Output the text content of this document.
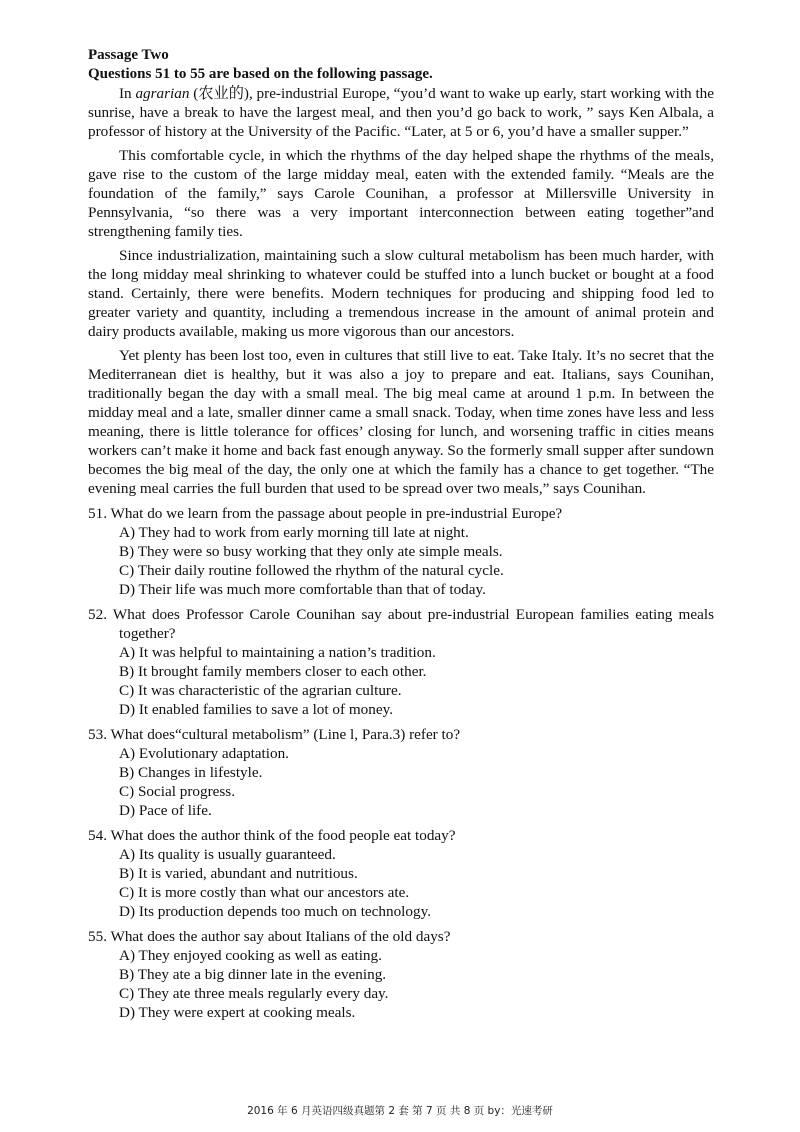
Passage Two
Questions 51 to 55 are based on the following passage.

In agrarian (农业的), pre-industrial Europe, “you’d want to wake up early, start working with the sunrise, have a break to have the largest meal, and then you’d go back to work, ” says Ken Albala, a professor of history at the University of the Pacific. “Later, at 5 or 6, you’d have a smaller supper.”

This comfortable cycle, in which the rhythms of the day helped shape the rhythms of the meals, gave rise to the custom of the large midday meal, eaten with the extended family. “Meals are the foundation of the family,” says Carole Counihan, a professor at Millersville University in Pennsylvania, “so there was a very important interconnection between eating together”and strengthening family ties.

Since industrialization, maintaining such a slow cultural metabolism has been much harder, with the long midday meal shrinking to whatever could be stuffed into a lunch bucket or bought at a food stand. Certainly, there were benefits. Modern techniques for producing and shipping food led to greater variety and quantity, including a tremendous increase in the amount of animal protein and dairy products available, making us more vigorous than our ancestors.

Yet plenty has been lost too, even in cultures that still live to eat. Take Italy. It’s no secret that the Mediterranean diet is healthy, but it was also a joy to prepare and eat. Italians, says Counihan, traditionally began the day with a small meal. The big meal came at around 1 p.m. In between the midday meal and a late, smaller dinner came a small snack. Today, when time zones have less and less meaning, there is little tolerance for offices’ closing for lunch, and worsening traffic in cities means workers can’t make it home and back fast enough anyway. So the formerly small supper after sundown becomes the big meal of the day, the only one at which the family has a chance to get together. “The evening meal carries the full burden that used to be spread over two meals,” says Counihan.

51. What do we learn from the passage about people in pre-industrial Europe?
A) They had to work from early morning till late at night.
B) They were so busy working that they only ate simple meals.
C) Their daily routine followed the rhythm of the natural cycle.
D) Their life was much more comfortable than that of today.
52. What does Professor Carole Counihan say about pre-industrial European families eating meals together?
A) It was helpful to maintaining a nation’s tradition.
B) It brought family members closer to each other.
C) It was characteristic of the agrarian culture.
D) It enabled families to save a lot of money.
53. What does“cultural metabolism” (Line l, Para.3) refer to?
A) Evolutionary adaptation.
B) Changes in lifestyle.
C) Social progress.
D) Pace of life.
54. What does the author think of the food people eat today?
A) Its quality is usually guaranteed.
B) It is varied, abundant and nutritious.
C) It is more costly than what our ancestors ate.
D) Its production depends too much on technology.
55. What does the author say about Italians of the old days?
A) They enjoyed cooking as well as eating.
B) They ate a big dinner late in the evening.
C) They ate three meals regularly every day.
D) They were expert at cooking meals.
2016 年 6 月英语四级真题第 2 套 第 7 页 共 8 页 by：光速考研
